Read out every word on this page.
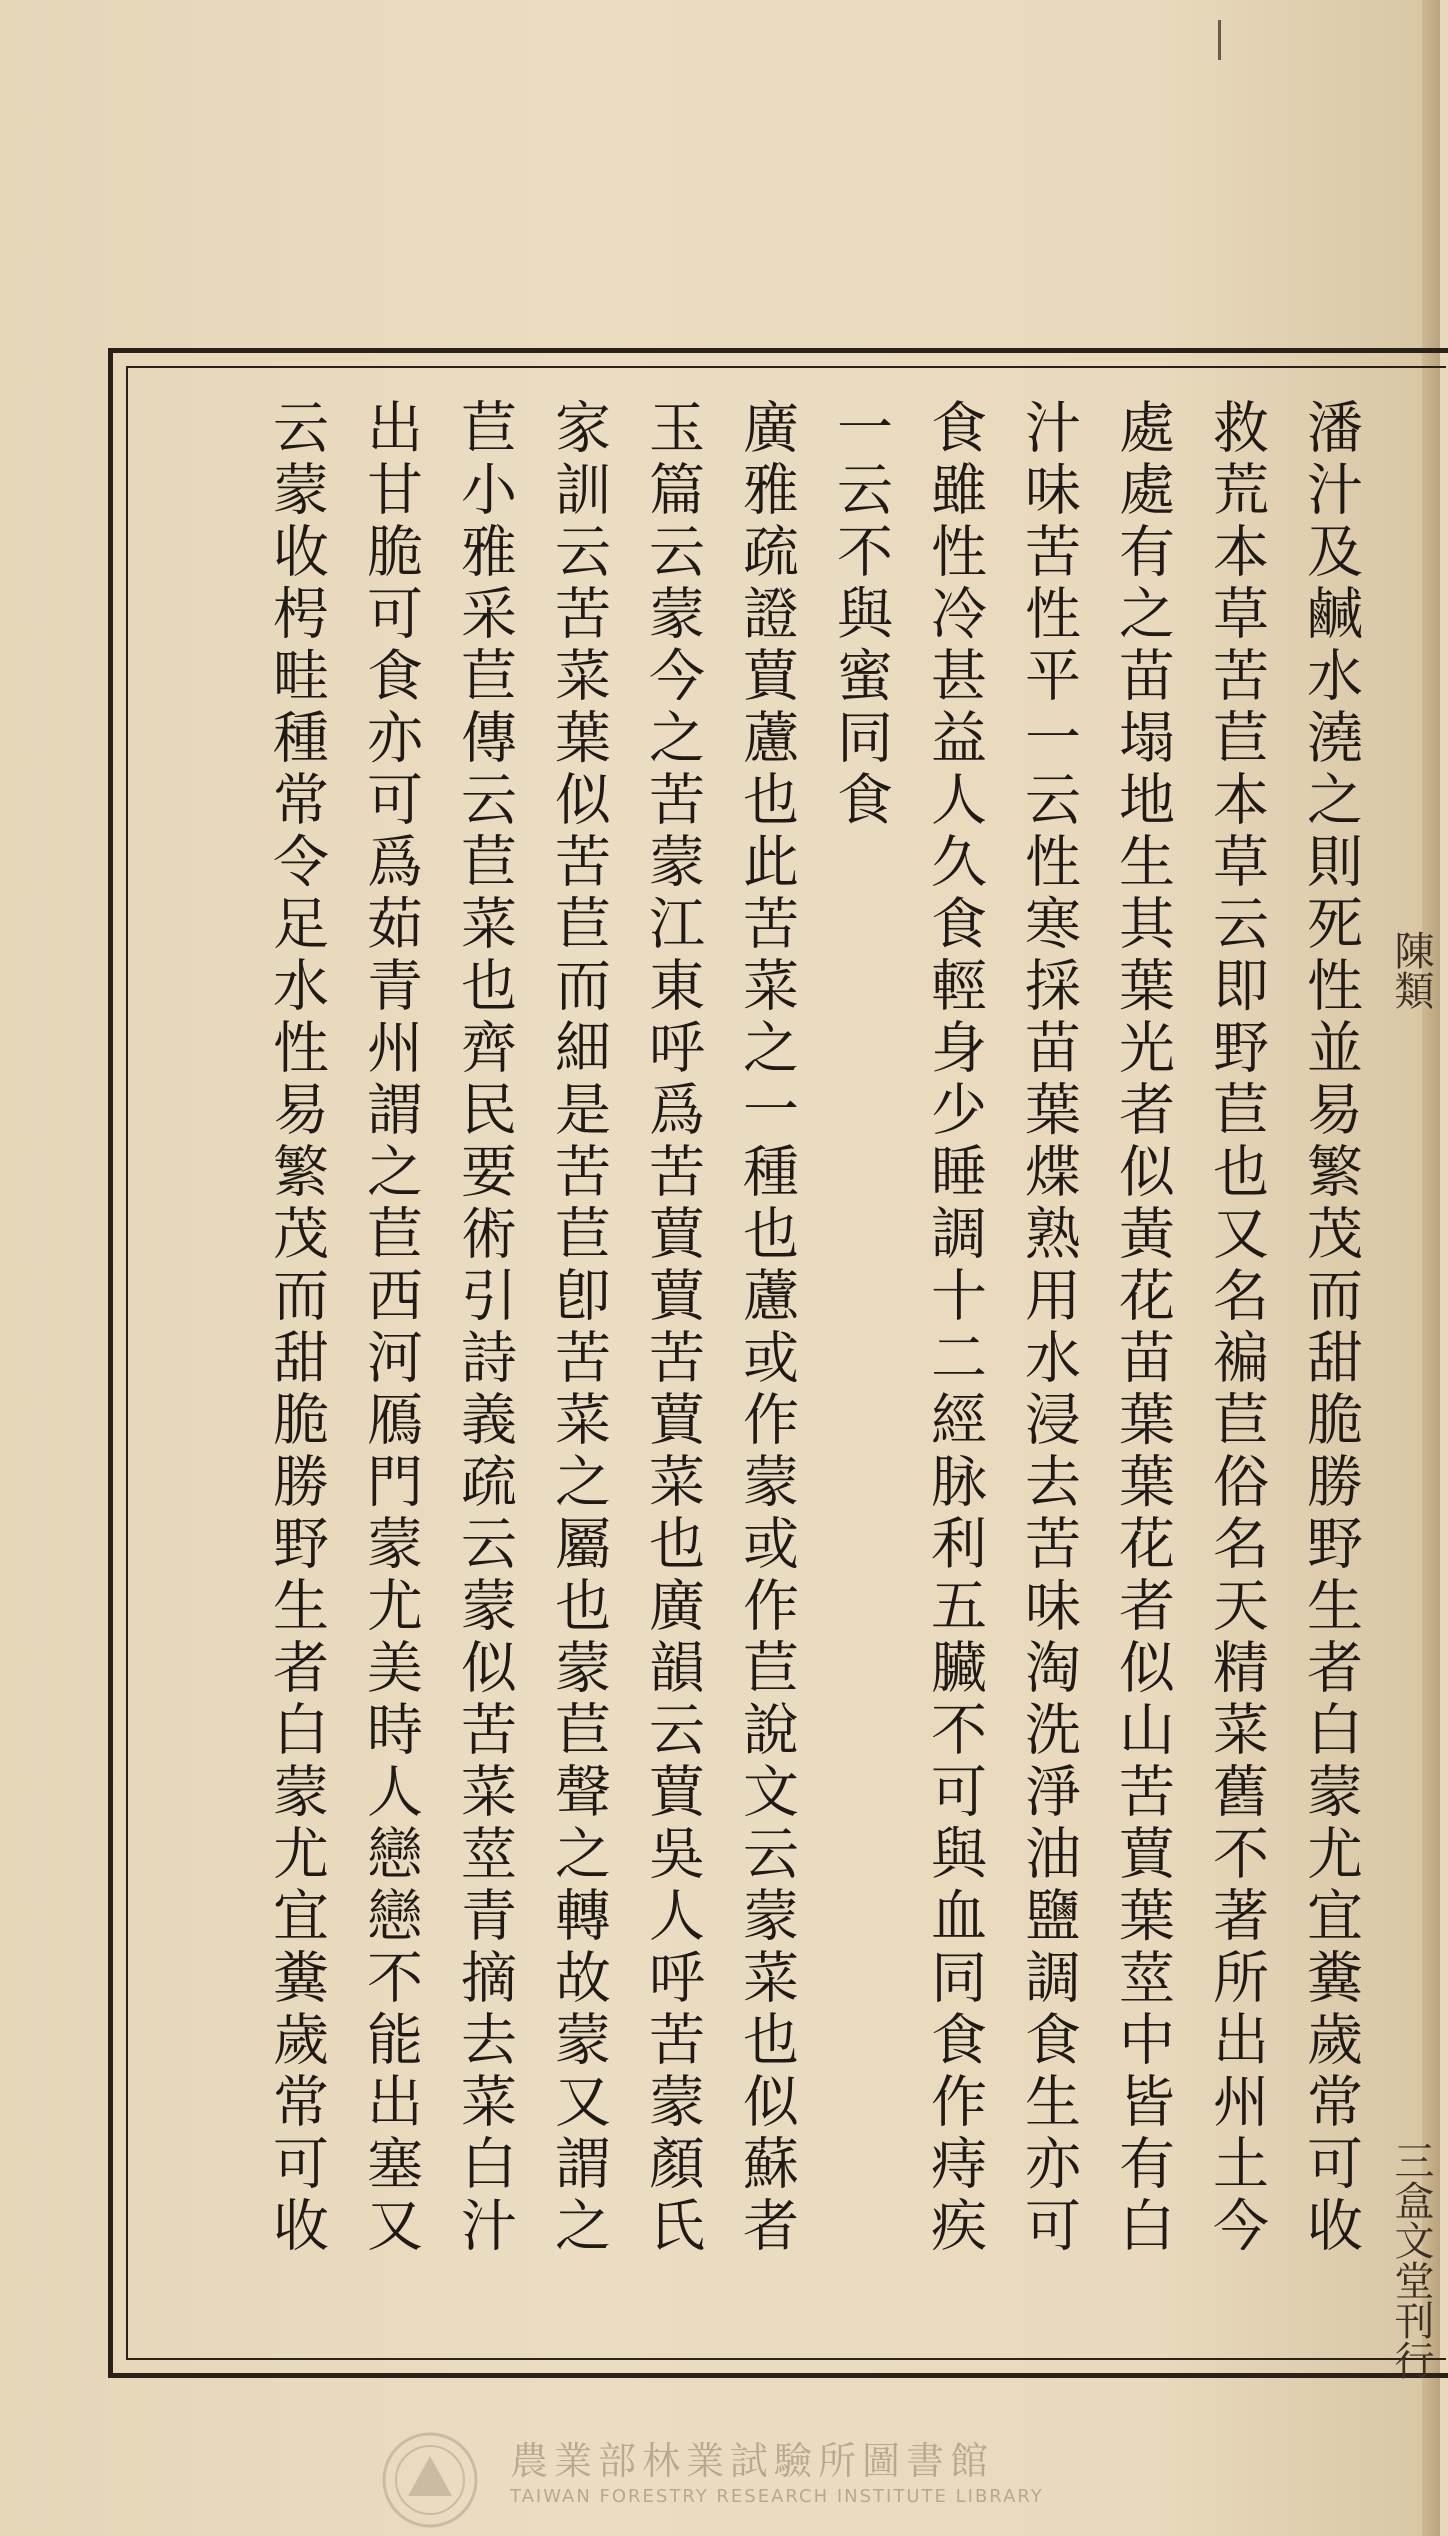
潘汁及鹹水澆之則死性並易繁茂而甜脆勝野生者白蒙尤宜糞歲常可收
救荒本草苦苣本草云即野苣也又名褊苣俗名天精菜舊不著所出州土今
處處有之苗塌地生其葉光者似黃花苗葉葉花者似山苦蕒葉莖中皆有白
汁味苦性平一云性寒採苗葉煠熟用水浸去苦味淘洗淨油鹽調食生亦可
食雖性冷甚益人久食輕身少睡調十二經脉利五臟不可與血同食作痔疾
一云不與蜜同食
廣雅疏證蕒藘也此苦菜之一種也藘或作蒙或作苣說文云蒙菜也似蘇者
玉篇云蒙今之苦蒙江東呼爲苦蕒蕒苦蕒菜也廣韻云蕒吳人呼苦蒙顏氏
家訓云苦菜葉似苦苣而細是苦苣卽苦菜之屬也蒙苣聲之轉故蒙又謂之
苣小雅采苣傳云苣菜也齊民要術引詩義疏云蒙似苦菜莖青摘去菜白汁
出甘脆可食亦可爲茹青州謂之苣西河鴈門蒙尤美時人戀戀不能出塞又
云蒙收枵畦種常令足水性易繁茂而甜脆勝野生者白蒙尤宜糞歲常可收	陳類
三盒文堂刊行
農業部林業試驗所圖書館
TAIWAN FORESTRY RESEARCH INSTITUTE LIBRARY
